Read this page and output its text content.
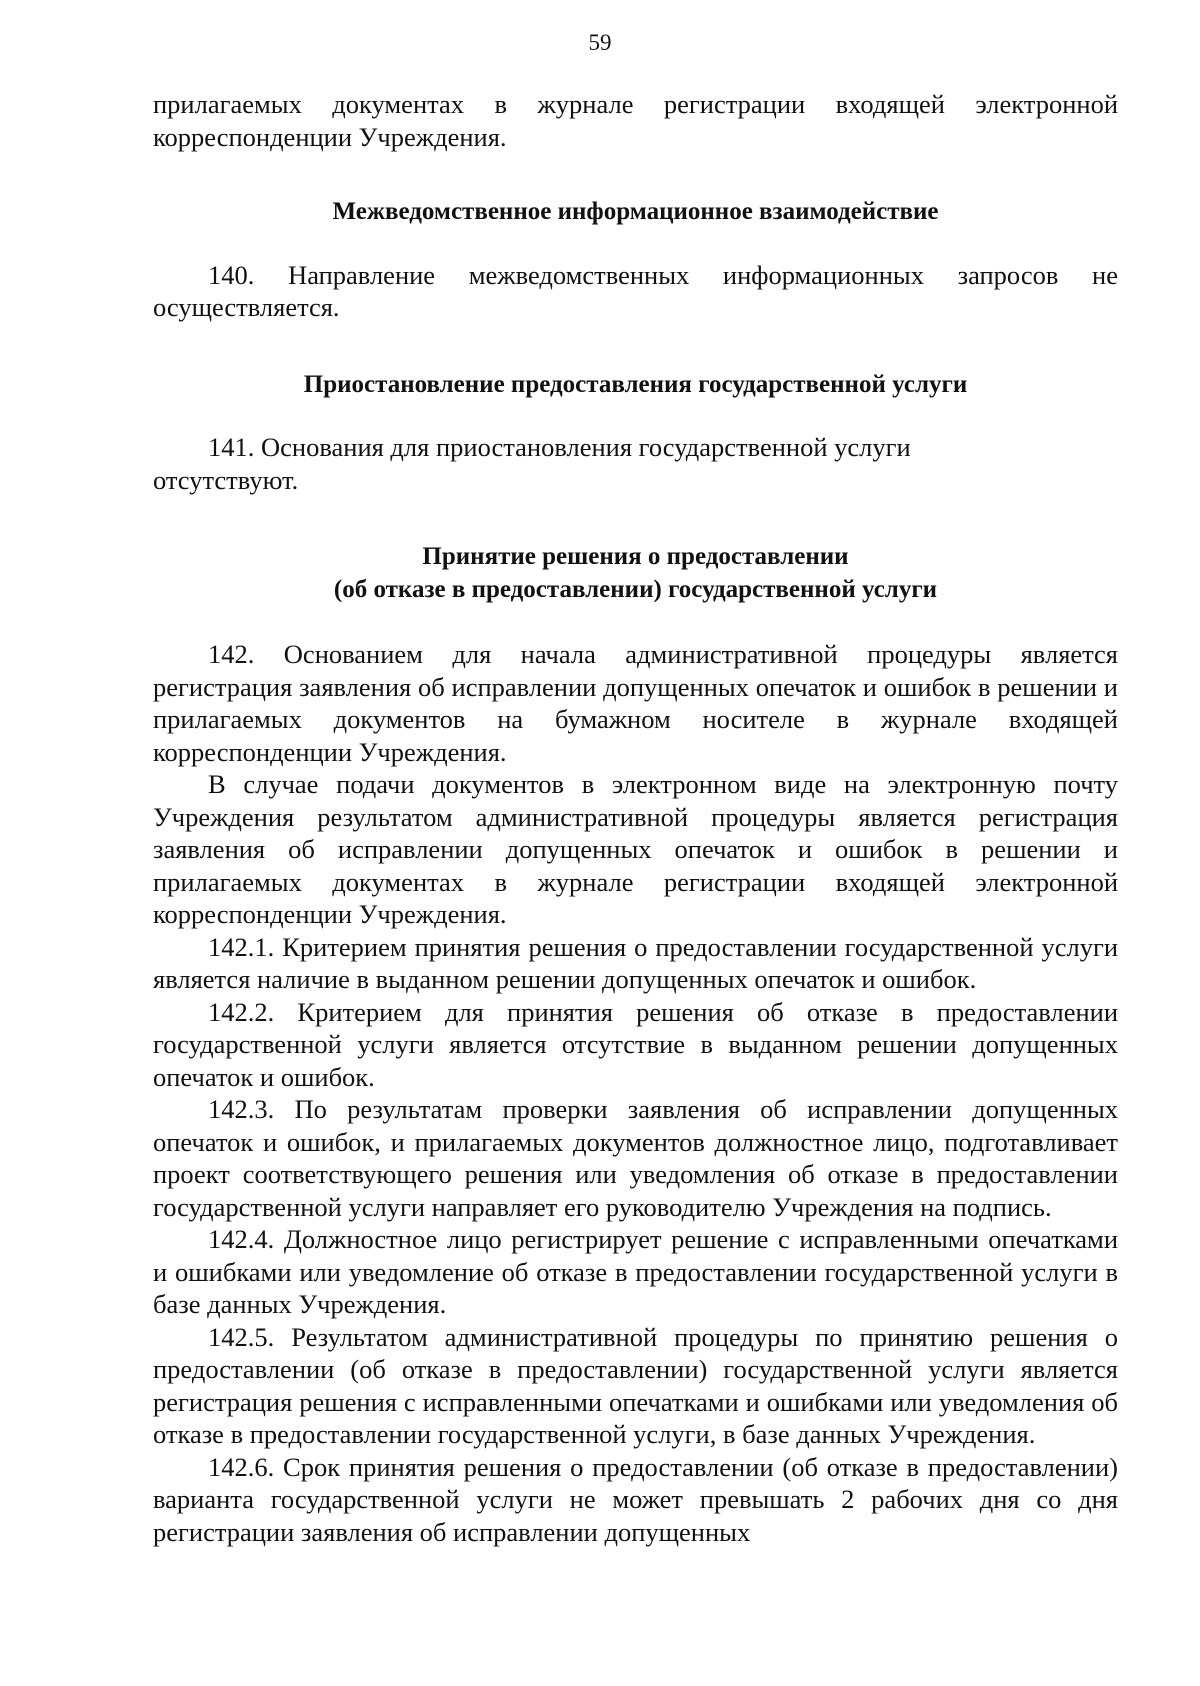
59

прилагаемых документах в журнале регистрации входящей электронной корреспонденции Учреждения.

Межведомственное информационное взаимодействие

140. Направление межведомственных информационных запросов не осуществляется.

Приостановление предоставления государственной услуги

141. Основания для приостановления государственной услуги отсутствуют.

Принятие решения о предоставлении
(об отказе в предоставлении) государственной услуги

142. Основанием для начала административной процедуры является регистрация заявления об исправлении допущенных опечаток и ошибок в решении и прилагаемых документов на бумажном носителе в журнале входящей корреспонденции Учреждения.

В случае подачи документов в электронном виде на электронную почту Учреждения результатом административной процедуры является регистрация заявления об исправлении допущенных опечаток и ошибок в решении и прилагаемых документах в журнале регистрации входящей электронной корреспонденции Учреждения.

142.1. Критерием принятия решения о предоставлении государственной услуги является наличие в выданном решении допущенных опечаток и ошибок.

142.2. Критерием для принятия решения об отказе в предоставлении государственной услуги является отсутствие в выданном решении допущенных опечаток и ошибок.

142.3. По результатам проверки заявления об исправлении допущенных опечаток и ошибок, и прилагаемых документов должностное лицо, подготавливает проект соответствующего решения или уведомления об отказе в предоставлении государственной услуги направляет его руководителю Учреждения на подпись.

142.4. Должностное лицо регистрирует решение с исправленными опечатками и ошибками или уведомление об отказе в предоставлении государственной услуги в базе данных Учреждения.

142.5. Результатом административной процедуры по принятию решения о предоставлении (об отказе в предоставлении) государственной услуги является регистрация решения с исправленными опечатками и ошибками или уведомления об отказе в предоставлении государственной услуги, в базе данных Учреждения.

142.6. Срок принятия решения о предоставлении (об отказе в предоставлении) варианта государственной услуги не может превышать 2 рабочих дня со дня регистрации заявления об исправлении допущенных
